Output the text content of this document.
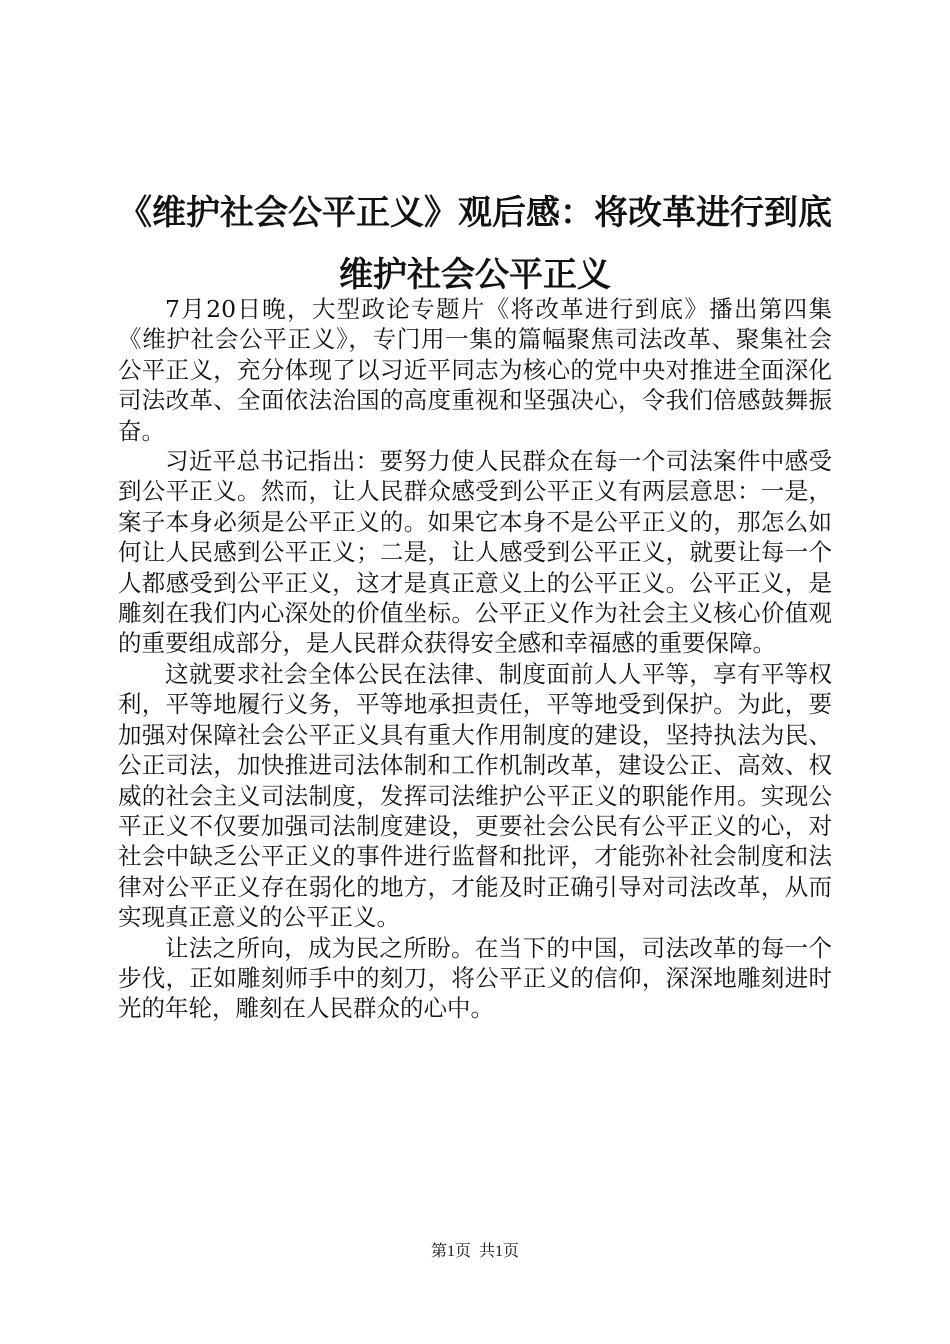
《维护社会公平正义》观后感：将改革进行到底维护社会公平正义

7月20日晚，大型政论专题片《将改革进行到底》播出第四集《维护社会公平正义》，专门用一集的篇幅聚焦司法改革、聚集社会公平正义，充分体现了以习近平同志为核心的党中央对推进全面深化司法改革、全面依法治国的高度重视和坚强决心，令我们倍感鼓舞振奋。

习近平总书记指出：要努力使人民群众在每一个司法案件中感受到公平正义。然而，让人民群众感受到公平正义有两层意思：一是，案子本身必须是公平正义的。如果它本身不是公平正义的，那怎么如何让人民感到公平正义；二是，让人感受到公平正义，就要让每一个人都感受到公平正义，这才是真正意义上的公平正义。公平正义，是雕刻在我们内心深处的价值坐标。公平正义作为社会主义核心价值观的重要组成部分，是人民群众获得安全感和幸福感的重要保障。

这就要求社会全体公民在法律、制度面前人人平等，享有平等权利，平等地履行义务，平等地承担责任，平等地受到保护。为此，要加强对保障社会公平正义具有重大作用制度的建设，坚持执法为民、公正司法，加快推进司法体制和工作机制改革，建设公正、高效、权威的社会主义司法制度，发挥司法维护公平正义的职能作用。实现公平正义不仅要加强司法制度建设，更要社会公民有公平正义的心，对社会中缺乏公平正义的事件进行监督和批评，才能弥补社会制度和法律对公平正义存在弱化的地方，才能及时正确引导对司法改革，从而实现真正意义的公平正义。

让法之所向，成为民之所盼。在当下的中国，司法改革的每一个步伐，正如雕刻师手中的刻刀，将公平正义的信仰，深深地雕刻进时光的年轮，雕刻在人民群众的心中。

第1页  共1页
